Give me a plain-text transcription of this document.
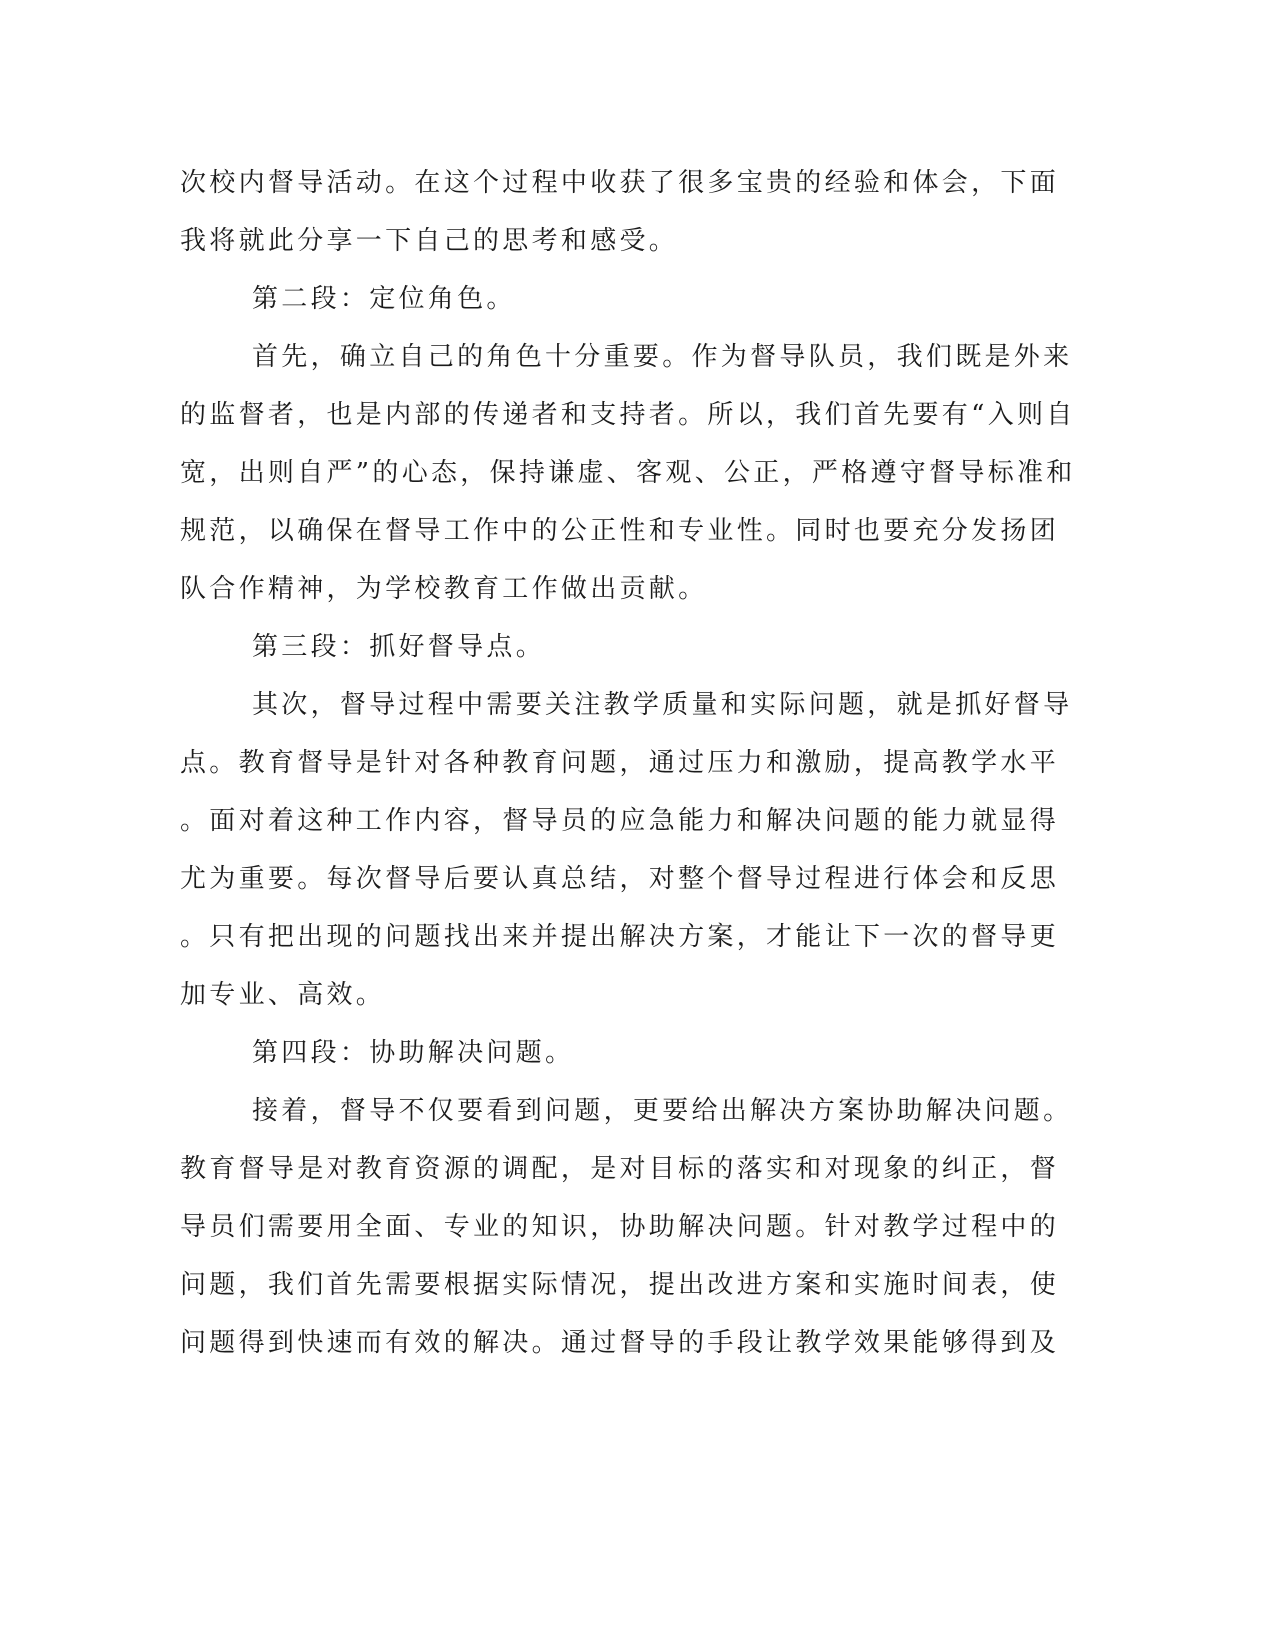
次校内督导活动。在这个过程中收获了很多宝贵的经验和体会，下面

我将就此分享一下自己的思考和感受。

第二段：定位角色。

首先，确立自己的角色十分重要。作为督导队员，我们既是外来

的监督者，也是内部的传递者和支持者。所以，我们首先要有“入则自

宽，出则自严”的心态，保持谦虚、客观、公正，严格遵守督导标准和

规范，以确保在督导工作中的公正性和专业性。同时也要充分发扬团

队合作精神，为学校教育工作做出贡献。

第三段：抓好督导点。

其次，督导过程中需要关注教学质量和实际问题，就是抓好督导

点。教育督导是针对各种教育问题，通过压力和激励，提高教学水平

。面对着这种工作内容，督导员的应急能力和解决问题的能力就显得

尤为重要。每次督导后要认真总结，对整个督导过程进行体会和反思

。只有把出现的问题找出来并提出解决方案，才能让下一次的督导更

加专业、高效。

第四段：协助解决问题。

接着，督导不仅要看到问题，更要给出解决方案协助解决问题。

教育督导是对教育资源的调配，是对目标的落实和对现象的纠正，督

导员们需要用全面、专业的知识，协助解决问题。针对教学过程中的

问题，我们首先需要根据实际情况，提出改进方案和实施时间表，使

问题得到快速而有效的解决。通过督导的手段让教学效果能够得到及
